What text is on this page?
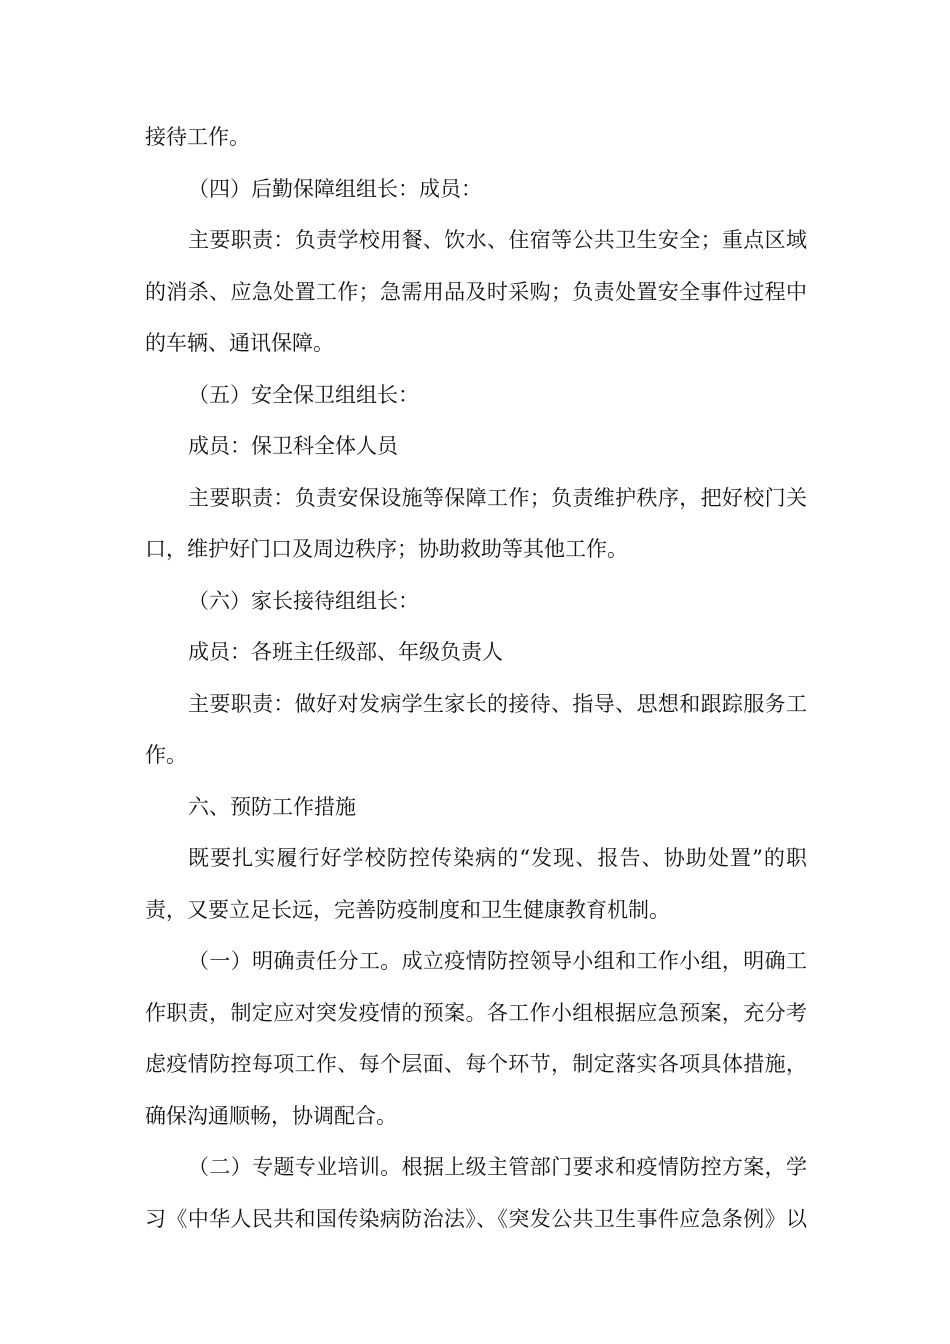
接待工作。
（四）后勤保障组组长：成员：
主要职责：负责学校用餐、饮水、住宿等公共卫生安全；重点区域
的消杀、应急处置工作；急需用品及时采购；负责处置安全事件过程中
的车辆、通讯保障。
（五）安全保卫组组长：
成员：保卫科全体人员
主要职责：负责安保设施等保障工作；负责维护秩序，把好校门关
口，维护好门口及周边秩序；协助救助等其他工作。
（六）家长接待组组长：
成员：各班主任级部、年级负责人
主要职责：做好对发病学生家长的接待、指导、思想和跟踪服务工
作。
六、预防工作措施
既要扎实履行好学校防控传染病的“发现、报告、协助处置”的职
责，又要立足长远，完善防疫制度和卫生健康教育机制。
（一）明确责任分工。成立疫情防控领导小组和工作小组，明确工
作职责，制定应对突发疫情的预案。各工作小组根据应急预案，充分考
虑疫情防控每项工作、每个层面、每个环节，制定落实各项具体措施，
确保沟通顺畅，协调配合。
（二）专题专业培训。根据上级主管部门要求和疫情防控方案，学
习《中华人民共和国传染病防治法》、《突发公共卫生事件应急条例》以
